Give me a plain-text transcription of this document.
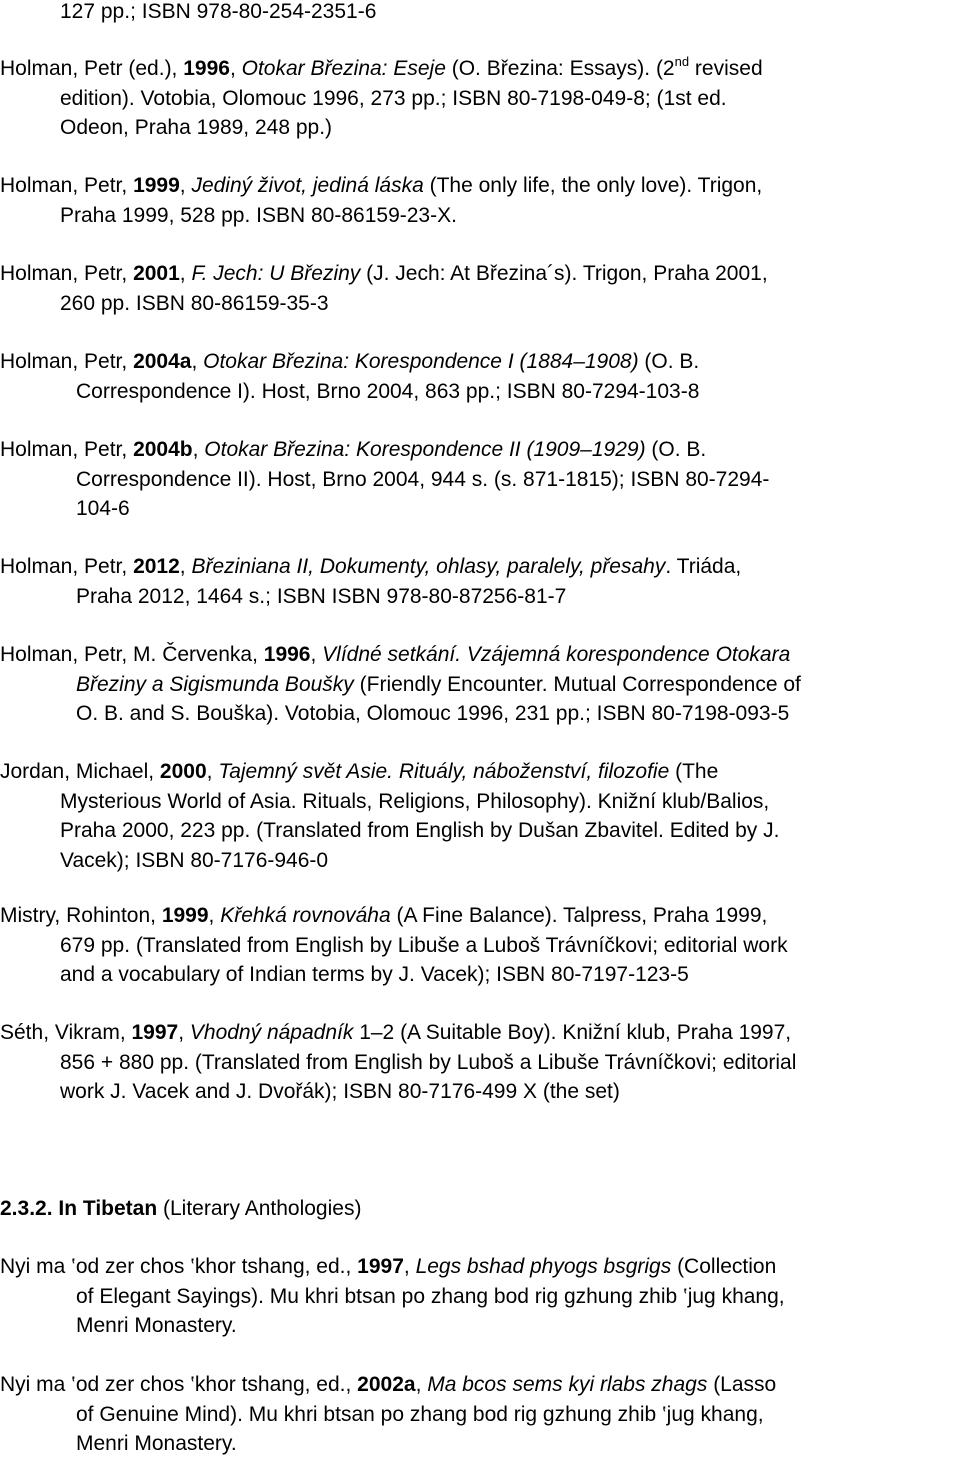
127 pp.; ISBN 978-80-254-2351-6
Holman, Petr (ed.), 1996, Otokar Březina: Eseje (O. Březina: Essays). (2nd revised
edition). Votobia, Olomouc 1996, 273 pp.; ISBN 80-7198-049-8; (1st ed.
Odeon, Praha 1989, 248 pp.)
Holman, Petr, 1999, Jediný život, jediná láska (The only life, the only love). Trigon,
Praha 1999, 528 pp. ISBN 80-86159-23-X.
Holman, Petr, 2001, F. Jech: U Březiny (J. Jech: At Březina´s). Trigon, Praha 2001,
260 pp. ISBN 80-86159-35-3
Holman, Petr, 2004a, Otokar Březina: Korespondence I (1884–1908) (O. B.
Correspondence I). Host, Brno 2004, 863 pp.; ISBN 80-7294-103-8
Holman, Petr, 2004b, Otokar Březina: Korespondence II (1909–1929) (O. B.
Correspondence II). Host, Brno 2004, 944 s. (s. 871-1815); ISBN 80-7294-
104-6
Holman, Petr, 2012, Březiniana II, Dokumenty, ohlasy, paralely, přesahy. Triáda,
Praha 2012, 1464 s.; ISBN ISBN 978-80-87256-81-7
Holman, Petr, M. Červenka, 1996, Vlídné setkání. Vzájemná korespondence Otokara
Březiny a Sigismunda Boušky (Friendly Encounter. Mutual Correspondence of
O. B. and S. Bouška). Votobia, Olomouc 1996, 231 pp.; ISBN 80-7198-093-5
Jordan, Michael, 2000, Tajemný svět Asie. Rituály, náboženství, filozofie (The
Mysterious World of Asia. Rituals, Religions, Philosophy). Knižní klub/Balios,
Praha 2000, 223 pp. (Translated from English by Dušan Zbavitel. Edited by J.
Vacek); ISBN 80-7176-946-0
Mistry, Rohinton, 1999, Křehká rovnováha (A Fine Balance). Talpress, Praha 1999,
679 pp. (Translated from English by Libuše a Luboš Trávníčkovi; editorial work
and a vocabulary of Indian terms by J. Vacek); ISBN 80-7197-123-5
Séth, Vikram, 1997, Vhodný nápadník 1–2 (A Suitable Boy). Knižní klub, Praha 1997,
856 + 880 pp. (Translated from English by Luboš a Libuše Trávníčkovi; editorial
work J. Vacek and J. Dvořák); ISBN 80-7176-499 X (the set)
2.3.2. In Tibetan (Literary Anthologies)
Nyi ma ‛od zer chos ‛khor tshang, ed., 1997, Legs bshad phyogs bsgrigs (Collection
of Elegant Sayings). Mu khri btsan po zhang bod rig gzhung zhib ‛jug khang,
Menri Monastery.
Nyi ma ‛od zer chos ‛khor tshang, ed., 2002a, Ma bcos sems kyi rlabs zhags (Lasso
of Genuine Mind). Mu khri btsan po zhang bod rig gzhung zhib ‛jug khang,
Menri Monastery.
